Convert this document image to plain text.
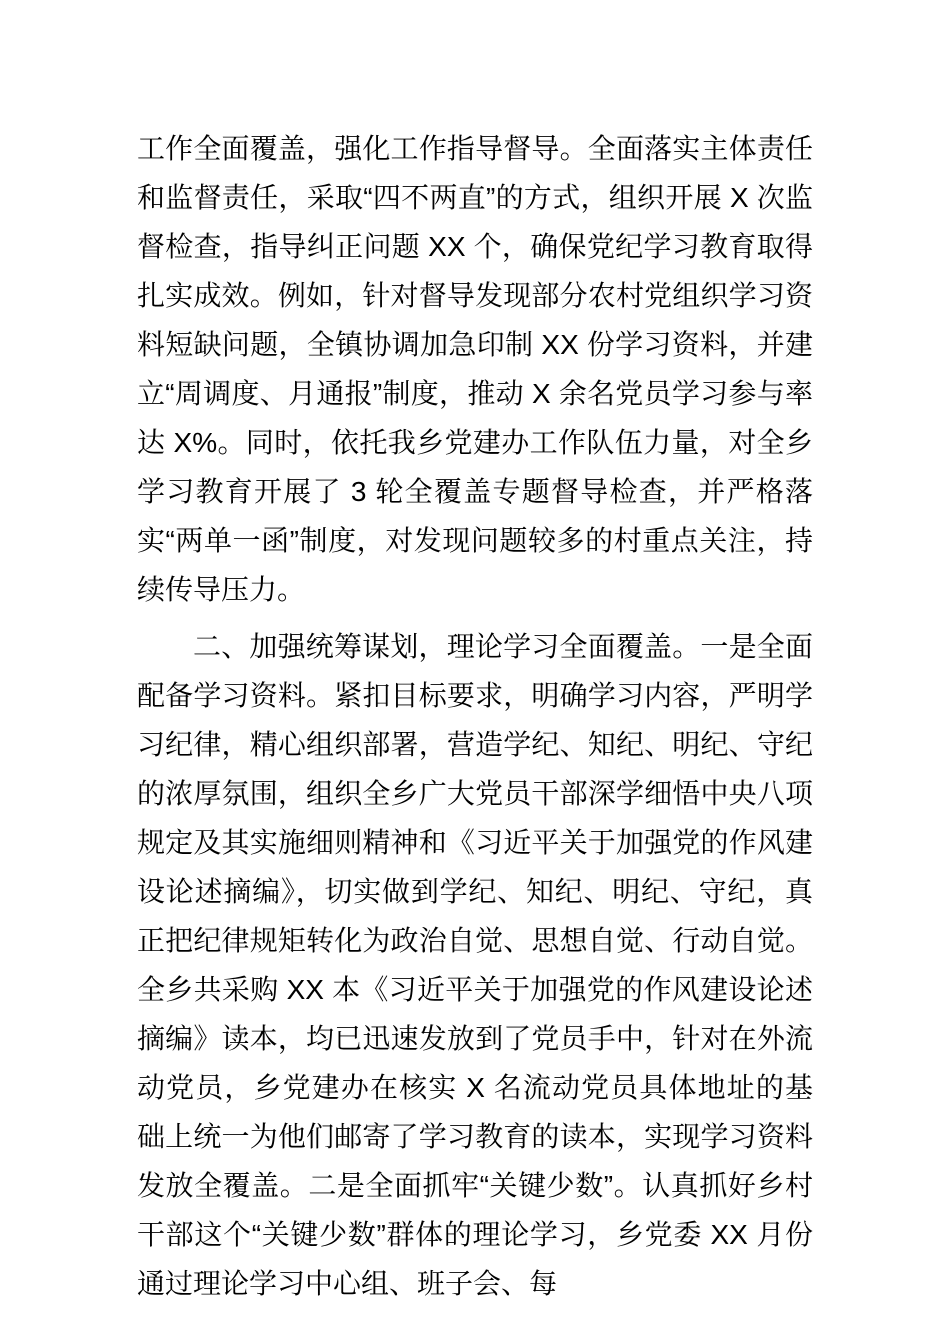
工作全面覆盖，强化工作指导督导。全面落实主体责任和监督责任，采取“四不两直”的方式，组织开展 X 次监督检查，指导纠正问题 XX 个，确保党纪学习教育取得扎实成效。例如，针对督导发现部分农村党组织学习资料短缺问题，全镇协调加急印制 XX 份学习资料，并建立“周调度、月通报”制度，推动 X 余名党员学习参与率达 X%。同时，依托我乡党建办工作队伍力量，对全乡学习教育开展了 3 轮全覆盖专题督导检查，并严格落实“两单一函”制度，对发现问题较多的村重点关注，持续传导压力。

二、加强统筹谋划，理论学习全面覆盖。一是全面配备学习资料。紧扣目标要求，明确学习内容，严明学习纪律，精心组织部署，营造学纪、知纪、明纪、守纪的浓厚氛围，组织全乡广大党员干部深学细悟中央八项规定及其实施细则精神和《习近平关于加强党的作风建设论述摘编》，切实做到学纪、知纪、明纪、守纪，真正把纪律规矩转化为政治自觉、思想自觉、行动自觉。全乡共采购 XX 本《习近平关于加强党的作风建设论述摘编》读本，均已迅速发放到了党员手中，针对在外流动党员，乡党建办在核实 X 名流动党员具体地址的基础上统一为他们邮寄了学习教育的读本，实现学习资料发放全覆盖。二是全面抓牢“关键少数”。认真抓好乡村干部这个“关键少数”群体的理论学习，乡党委 XX 月份通过理论学习中心组、班子会、每
